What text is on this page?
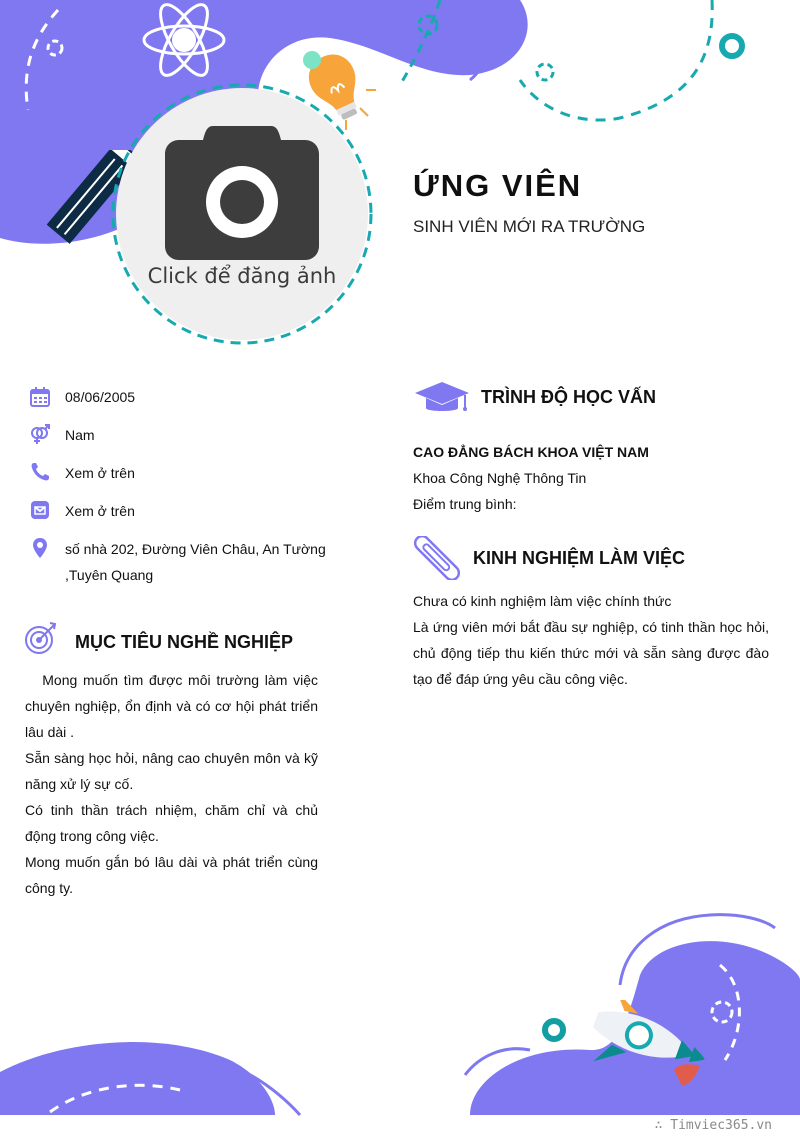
Click để đăng ảnh
ỨNG VIÊN
SINH VIÊN MỚI RA TRƯỜNG
08/06/2005
Nam
Xem ở trên
Xem ở trên
số nhà 202, Đường Viên Châu, An Tường ,Tuyên Quang
MỤC TIÊU NGHỀ NGHIỆP

Mong muốn tìm được môi trường làm việc chuyên nghiệp, ổn định và có cơ hội phát triển lâu dài .

Sẵn sàng học hỏi, nâng cao chuyên môn và kỹ năng xử lý sự cố.

Có tinh thần trách nhiệm, chăm chỉ và chủ động trong công việc.

Mong muốn gắn bó lâu dài và phát triển cùng công ty.

TRÌNH ĐỘ HỌC VẤN
CAO ĐẲNG BÁCH KHOA VIỆT NAM
Khoa Công Nghệ Thông Tin
Điểm trung bình:
KINH NGHIỆM LÀM VIỆC

Chưa có kinh nghiệm làm việc chính thức

Là ứng viên mới bắt đầu sự nghiệp, có tinh thần học hỏi, chủ động tiếp thu kiến thức mới và sẵn sàng được đào tạo để đáp ứng yêu cầu công việc.

∴ Timviec365.vn
